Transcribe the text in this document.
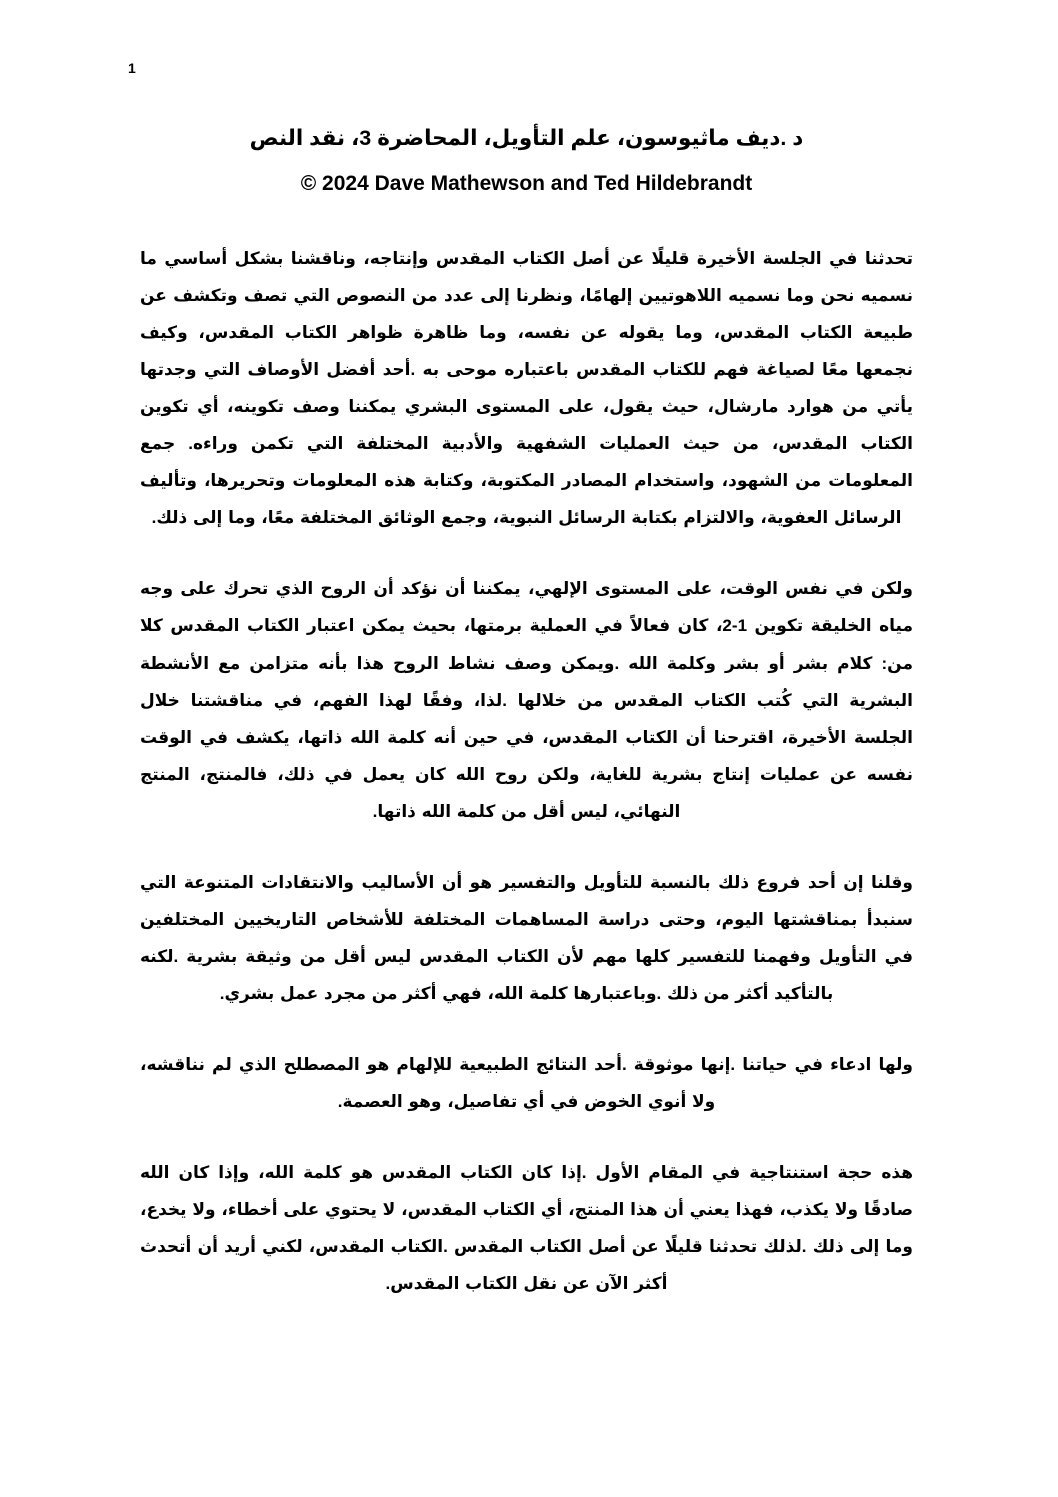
1
د .ديف ماثيوسون، علم التأويل، المحاضرة 3، نقد النص
© 2024 Dave Mathewson and Ted Hildebrandt

تحدثنا في الجلسة الأخيرة قليلًا عن أصل الكتاب المقدس وإنتاجه، وناقشنا بشكل أساسي ما نسميه نحن وما نسميه اللاهوتيين إلهامًا، ونظرنا إلى عدد من النصوص التي تصف وتكشف عن طبيعة الكتاب المقدس، وما يقوله عن نفسه، وما ظاهرة ظواهر الكتاب المقدس، وكيف نجمعها معًا لصياغة فهم للكتاب المقدس باعتباره موحى به .أحد أفضل الأوصاف التي وجدتها يأتي من هوارد مارشال، حيث يقول، على المستوى البشري يمكننا وصف تكوينه، أي تكوين الكتاب المقدس، من حيث العمليات الشفهية والأدبية المختلفة التي تكمن وراءه. جمع المعلومات من الشهود، واستخدام المصادر المكتوبة، وكتابة هذه المعلومات وتحريرها، وتأليف الرسائل العفوية، والالتزام بكتابة الرسائل النبوية، وجمع الوثائق المختلفة معًا، وما إلى ذلك.

ولكن في نفس الوقت، على المستوى الإلهي، يمكننا أن نؤكد أن الروح الذي تحرك على وجه مياه الخليقة تكوين 1-2، كان فعالاً في العملية برمتها، بحيث يمكن اعتبار الكتاب المقدس كلا من: كلام بشر أو بشر وكلمة الله .ويمكن وصف نشاط الروح هذا بأنه متزامن مع الأنشطة البشرية التي كُتب الكتاب المقدس من خلالها .لذا، وفقًا لهذا الفهم، في مناقشتنا خلال الجلسة الأخيرة، اقترحنا أن الكتاب المقدس، في حين أنه كلمة الله ذاتها، يكشف في الوقت نفسه عن عمليات إنتاج بشرية للغاية، ولكن روح الله كان يعمل في ذلك، فالمنتج، المنتج النهائي، ليس أقل من كلمة الله ذاتها.

وقلنا إن أحد فروع ذلك بالنسبة للتأويل والتفسير هو أن الأساليب والانتقادات المتنوعة التي سنبدأ بمناقشتها اليوم، وحتى دراسة المساهمات المختلفة للأشخاص التاريخيين المختلفين في التأويل وفهمنا للتفسير كلها مهم لأن الكتاب المقدس ليس أقل من وثيقة بشرية .لكنه بالتأكيد أكثر من ذلك .وباعتبارها كلمة الله، فهي أكثر من مجرد عمل بشري.

ولها ادعاء في حياتنا .إنها موثوقة .أحد النتائج الطبيعية للإلهام هو المصطلح الذي لم نناقشه، ولا أنوي الخوض في أي تفاصيل، وهو العصمة.

هذه حجة استنتاجية في المقام الأول .إذا كان الكتاب المقدس هو كلمة الله، وإذا كان الله صادقًا ولا يكذب، فهذا يعني أن هذا المنتج، أي الكتاب المقدس، لا يحتوي على أخطاء، ولا يخدع، وما إلى ذلك .لذلك تحدثنا قليلًا عن أصل الكتاب المقدس .الكتاب المقدس، لكني أريد أن أتحدث أكثر الآن عن نقل الكتاب المقدس.
